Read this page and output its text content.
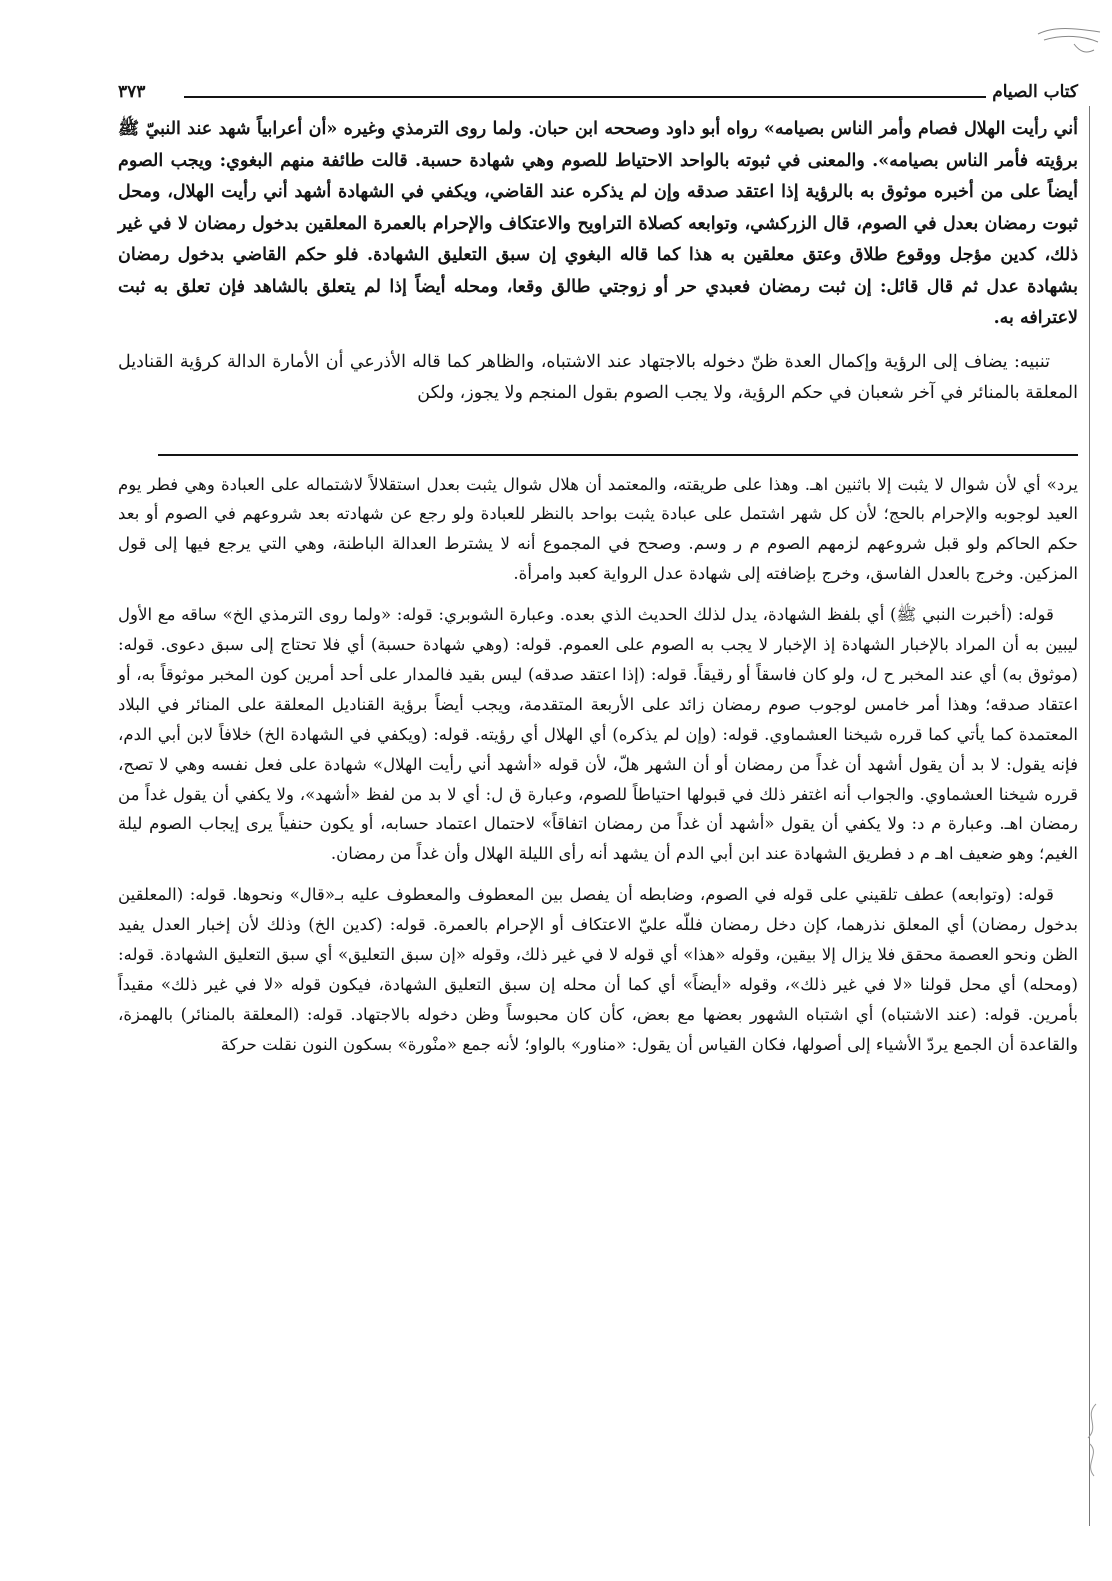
كتاب الصيام
٣٧٣

أني رأيت الهلال فصام وأمر الناس بصيامه» رواه أبو داود وصححه ابن حبان. ولما روى الترمذي وغيره «أن أعرابياً شهد عند النبيّ ﷺ برؤيته فأمر الناس بصيامه». والمعنى في ثبوته بالواحد الاحتياط للصوم وهي شهادة حسبة. قالت طائفة منهم البغوي: ويجب الصوم أيضاً على من أخبره موثوق به بالرؤية إذا اعتقد صدقه وإن لم يذكره عند القاضي، ويكفي في الشهادة أشهد أني رأيت الهلال، ومحل ثبوت رمضان بعدل في الصوم، قال الزركشي، وتوابعه كصلاة التراويح والاعتكاف والإحرام بالعمرة المعلقين بدخول رمضان لا في غير ذلك، كدين مؤجل ووقوع طلاق وعتق معلقين به هذا كما قاله البغوي إن سبق التعليق الشهادة. فلو حكم القاضي بدخول رمضان بشهادة عدل ثم قال قائل: إن ثبت رمضان فعبدي حر أو زوجتي طالق وقعا، ومحله أيضاً إذا لم يتعلق بالشاهد فإن تعلق به ثبت لاعترافه به.

تنبيه: يضاف إلى الرؤية وإكمال العدة ظنّ دخوله بالاجتهاد عند الاشتباه، والظاهر كما قاله الأذرعي أن الأمارة الدالة كرؤية القناديل المعلقة بالمنائر في آخر شعبان في حكم الرؤية، ولا يجب الصوم بقول المنجم ولا يجوز، ولكن

يرد» أي لأن شوال لا يثبت إلا باثنين اهـ. وهذا على طريقته، والمعتمد أن هلال شوال يثبت بعدل استقلالاً لاشتماله على العبادة وهي فطر يوم العيد لوجوبه والإحرام بالحج؛ لأن كل شهر اشتمل على عبادة يثبت بواحد بالنظر للعبادة ولو رجع عن شهادته بعد شروعهم في الصوم أو بعد حكم الحاكم ولو قبل شروعهم لزمهم الصوم م ر وسم. وصحح في المجموع أنه لا يشترط العدالة الباطنة، وهي التي يرجع فيها إلى قول المزكين. وخرج بالعدل الفاسق، وخرج بإضافته إلى شهادة عدل الرواية كعبد وامرأة.

قوله: (أخبرت النبي ﷺ) أي بلفظ الشهادة، يدل لذلك الحديث الذي بعده. وعبارة الشوبري: قوله: «ولما روى الترمذي الخ» ساقه مع الأول ليبين به أن المراد بالإخبار الشهادة إذ الإخبار لا يجب به الصوم على العموم. قوله: (وهي شهادة حسبة) أي فلا تحتاج إلى سبق دعوى. قوله: (موثوق به) أي عند المخبر ح ل، ولو كان فاسقاً أو رقيقاً. قوله: (إذا اعتقد صدقه) ليس بقيد فالمدار على أحد أمرين كون المخبر موثوقاً به، أو اعتقاد صدقه؛ وهذا أمر خامس لوجوب صوم رمضان زائد على الأربعة المتقدمة، ويجب أيضاً برؤية القناديل المعلقة على المنائر في البلاد المعتمدة كما يأتي كما قرره شيخنا العشماوي. قوله: (وإن لم يذكره) أي الهلال أي رؤيته. قوله: (ويكفي في الشهادة الخ) خلافاً لابن أبي الدم، فإنه يقول: لا بد أن يقول أشهد أن غداً من رمضان أو أن الشهر هلّ، لأن قوله «أشهد أني رأيت الهلال» شهادة على فعل نفسه وهي لا تصح، قرره شيخنا العشماوي. والجواب أنه اغتفر ذلك في قبولها احتياطاً للصوم، وعبارة ق ل: أي لا بد من لفظ «أشهد»، ولا يكفي أن يقول غداً من رمضان اهـ. وعبارة م د: ولا يكفي أن يقول «أشهد أن غداً من رمضان اتفاقاً» لاحتمال اعتماد حسابه، أو يكون حنفياً يرى إيجاب الصوم ليلة الغيم؛ وهو ضعيف اهـ م د فطريق الشهادة عند ابن أبي الدم أن يشهد أنه رأى الليلة الهلال وأن غداً من رمضان.

قوله: (وتوابعه) عطف تلقيني على قوله في الصوم، وضابطه أن يفصل بين المعطوف والمعطوف عليه بـ«قال» ونحوها. قوله: (المعلقين بدخول رمضان) أي المعلق نذرهما، كإن دخل رمضان فللّه عليّ الاعتكاف أو الإحرام بالعمرة. قوله: (كدين الخ) وذلك لأن إخبار العدل يفيد الظن ونحو العصمة محقق فلا يزال إلا بيقين، وقوله «هذا» أي قوله لا في غير ذلك، وقوله «إن سبق التعليق» أي سبق التعليق الشهادة. قوله: (ومحله) أي محل قولنا «لا في غير ذلك»، وقوله «أيضاً» أي كما أن محله إن سبق التعليق الشهادة، فيكون قوله «لا في غير ذلك» مقيداً بأمرين. قوله: (عند الاشتباه) أي اشتباه الشهور بعضها مع بعض، كأن كان محبوساً وظن دخوله بالاجتهاد. قوله: (المعلقة بالمنائر) بالهمزة، والقاعدة أن الجمع يردّ الأشياء إلى أصولها، فكان القياس أن يقول: «مناور» بالواو؛ لأنه جمع «منْورة» بسكون النون نقلت حركة
